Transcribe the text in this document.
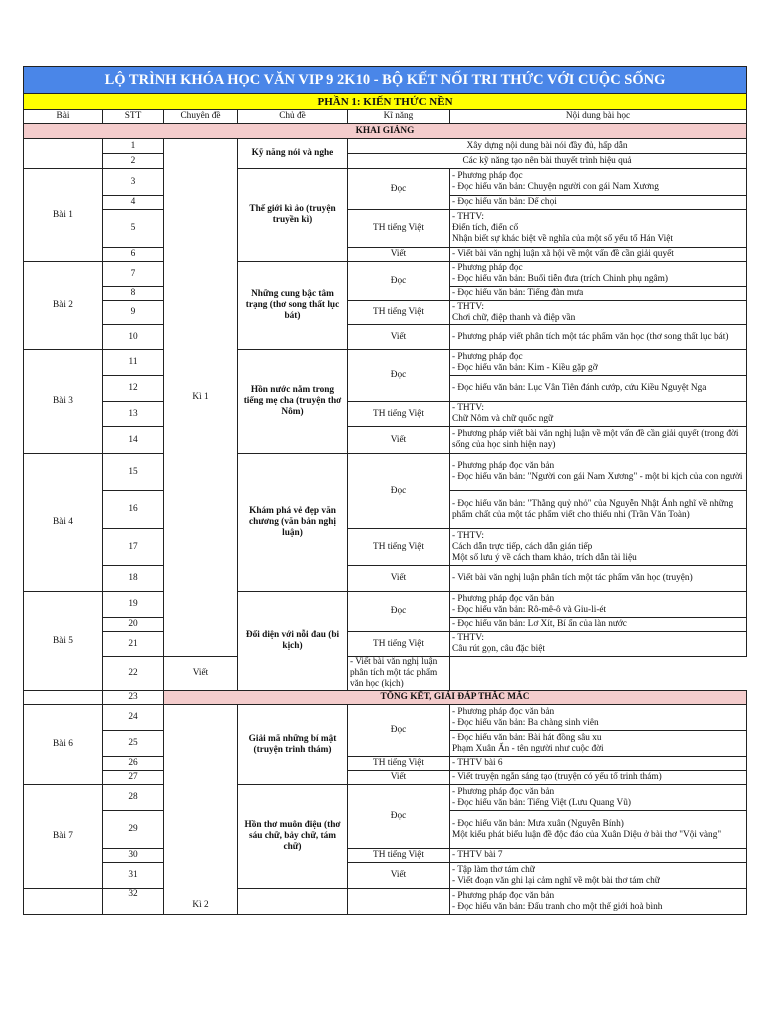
LỘ TRÌNH KHÓA HỌC VĂN VIP 9 2K10 - BỘ KẾT NỐI TRI THỨC VỚI CUỘC SỐNG					
PHẦN 1: KIẾN THỨC NỀN					
Bài	STT	Chuyên đề	Chủ đề	Kĩ năng	Nội dung bài học
KHAI GIẢNG					
	1	Kì 1	Kỹ năng nói và nghe	Xây dựng nội dung bài nói đầy đủ, hấp dẫn	
	2			Các kỹ năng tạo nên bài thuyết trình hiệu quả	
Bài 1	3		Thế giới kì ảo (truyện truyền kì)	Đọc	- Phương pháp đọc
- Đọc hiểu văn bản: Chuyện người con gái Nam Xương
	4				- Đọc hiểu văn bản: Dế chọi
	5			TH tiếng Việt	- THTV:
Điển tích, điển cố
Nhận biết sự khác biệt về nghĩa của một số yếu tố Hán Việt
	6			Viết	- Viết bài văn nghị luận xã hội về một vấn đề cần giải quyết
Bài 2	7		Những cung bậc tâm trạng (thơ song thất lục bát)	Đọc	- Phương pháp đọc
- Đọc hiểu văn bản: Buổi tiễn đưa (trích Chinh phụ ngâm)
	8				- Đọc hiểu văn bản: Tiếng đàn mưa
	9			TH tiếng Việt	- THTV:
Chơi chữ, điệp thanh và điệp vần
	10			Viết	- Phương pháp viết phân tích một tác phẩm văn học (thơ song thất lục bát)
Bài 3	11		Hồn nước nằm trong tiếng mẹ cha (truyện thơ Nôm)	Đọc	- Phương pháp đọc
- Đọc hiểu văn bản: Kim - Kiều gặp gỡ
	12				- Đọc hiểu văn bản: Lục Vân Tiên đánh cướp, cứu Kiều Nguyệt Nga
	13			TH tiếng Việt	- THTV:
Chữ Nôm và chữ quốc ngữ
	14			Viết	- Phương pháp viết bài văn nghị luận về một vấn đề cần giải quyết (trong đời sống của học sinh hiện nay)
Bài 4	15		Khám phá vẻ đẹp văn chương (văn bản nghị luận)	Đọc	- Phương pháp đọc văn bản
- Đọc hiểu văn bản: "Người con gái Nam Xương" - một bi kịch của con người
	16				- Đọc hiểu văn bản: "Thằng quỷ nhỏ" của Nguyễn Nhật Ánh nghĩ về những phẩm chất của một tác phẩm viết cho thiếu nhi (Trần Văn Toàn)
	17			TH tiếng Việt	- THTV:
Cách dẫn trực tiếp, cách dẫn gián tiếp
Một số lưu ý về cách tham khảo, trích dẫn tài liệu
	18			Viết	- Viết bài văn nghị luận phân tích một tác phẩm văn học (truyện)
Bài 5	19		Đối diện với nỗi đau (bi kịch)	Đọc	- Phương pháp đọc văn bản
- Đọc hiểu văn bản: Rô-mê-ô và Giu-li-ét
	20				- Đọc hiểu văn bản: Lơ Xít, Bí ẩn của làn nước
	21			TH tiếng Việt	- THTV:
Câu rút gọn, câu đặc biệt
	22	Viết		- Viết bài văn nghị luận phân tích một tác phẩm văn học (kịch)	
	23	TỔNG KẾT, GIẢI ĐÁP THẮC MẮC			
Bài 6	24	Kì 2	Giải mã những bí mật (truyện trinh thám)	Đọc	- Phương pháp đọc văn bản
- Đọc hiểu văn bản: Ba chàng sinh viên
	25				- Đọc hiểu văn bản: Bài hát đồng sâu xu
Phạm Xuân Ẩn - tên người như cuộc đời
	26			TH tiếng Việt	- THTV bài 6
	27			Viết	- Viết truyện ngắn sáng tạo (truyện có yếu tố trinh thám)
Bài 7	28		Hồn thơ muôn điệu (thơ sáu chữ, bảy chữ, tám chữ)	Đọc	- Phương pháp đọc văn bản
- Đọc hiểu văn bản: Tiếng Việt (Lưu Quang Vũ)
	29				- Đọc hiểu văn bản: Mưa xuân (Nguyễn Bính)
Một kiểu phát biểu luận đề độc đáo của Xuân Diệu ở bài thơ "Vội vàng"
	30			TH tiếng Việt	- THTV bài 7
	31			Viết	- Tập làm thơ tám chữ
- Viết đoạn văn ghi lại cảm nghĩ về một bài thơ tám chữ
	32				- Phương pháp đọc văn bản
- Đọc hiểu văn bản: Đấu tranh cho một thế giới hoà bình
